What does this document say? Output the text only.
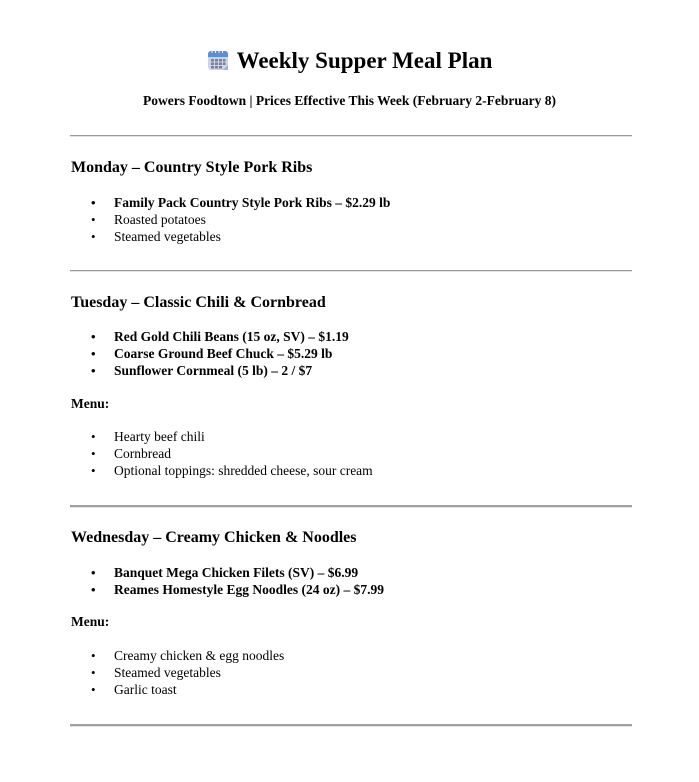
Weekly Supper Meal Plan
Powers Foodtown | Prices Effective This Week (February 2-February 8)
Monday – Country Style Pork Ribs
• Family Pack Country Style Pork Ribs – $2.29 lb
• Roasted potatoes
• Steamed vegetables
Tuesday – Classic Chili & Cornbread
• Red Gold Chili Beans (15 oz, SV) – $1.19
• Coarse Ground Beef Chuck – $5.29 lb
• Sunflower Cornmeal (5 lb) – 2 / $7
Menu:
• Hearty beef chili
• Cornbread
• Optional toppings: shredded cheese, sour cream
Wednesday – Creamy Chicken & Noodles
• Banquet Mega Chicken Filets (SV) – $6.99
• Reames Homestyle Egg Noodles (24 oz) – $7.99
Menu:
• Creamy chicken & egg noodles
• Steamed vegetables
• Garlic toast
